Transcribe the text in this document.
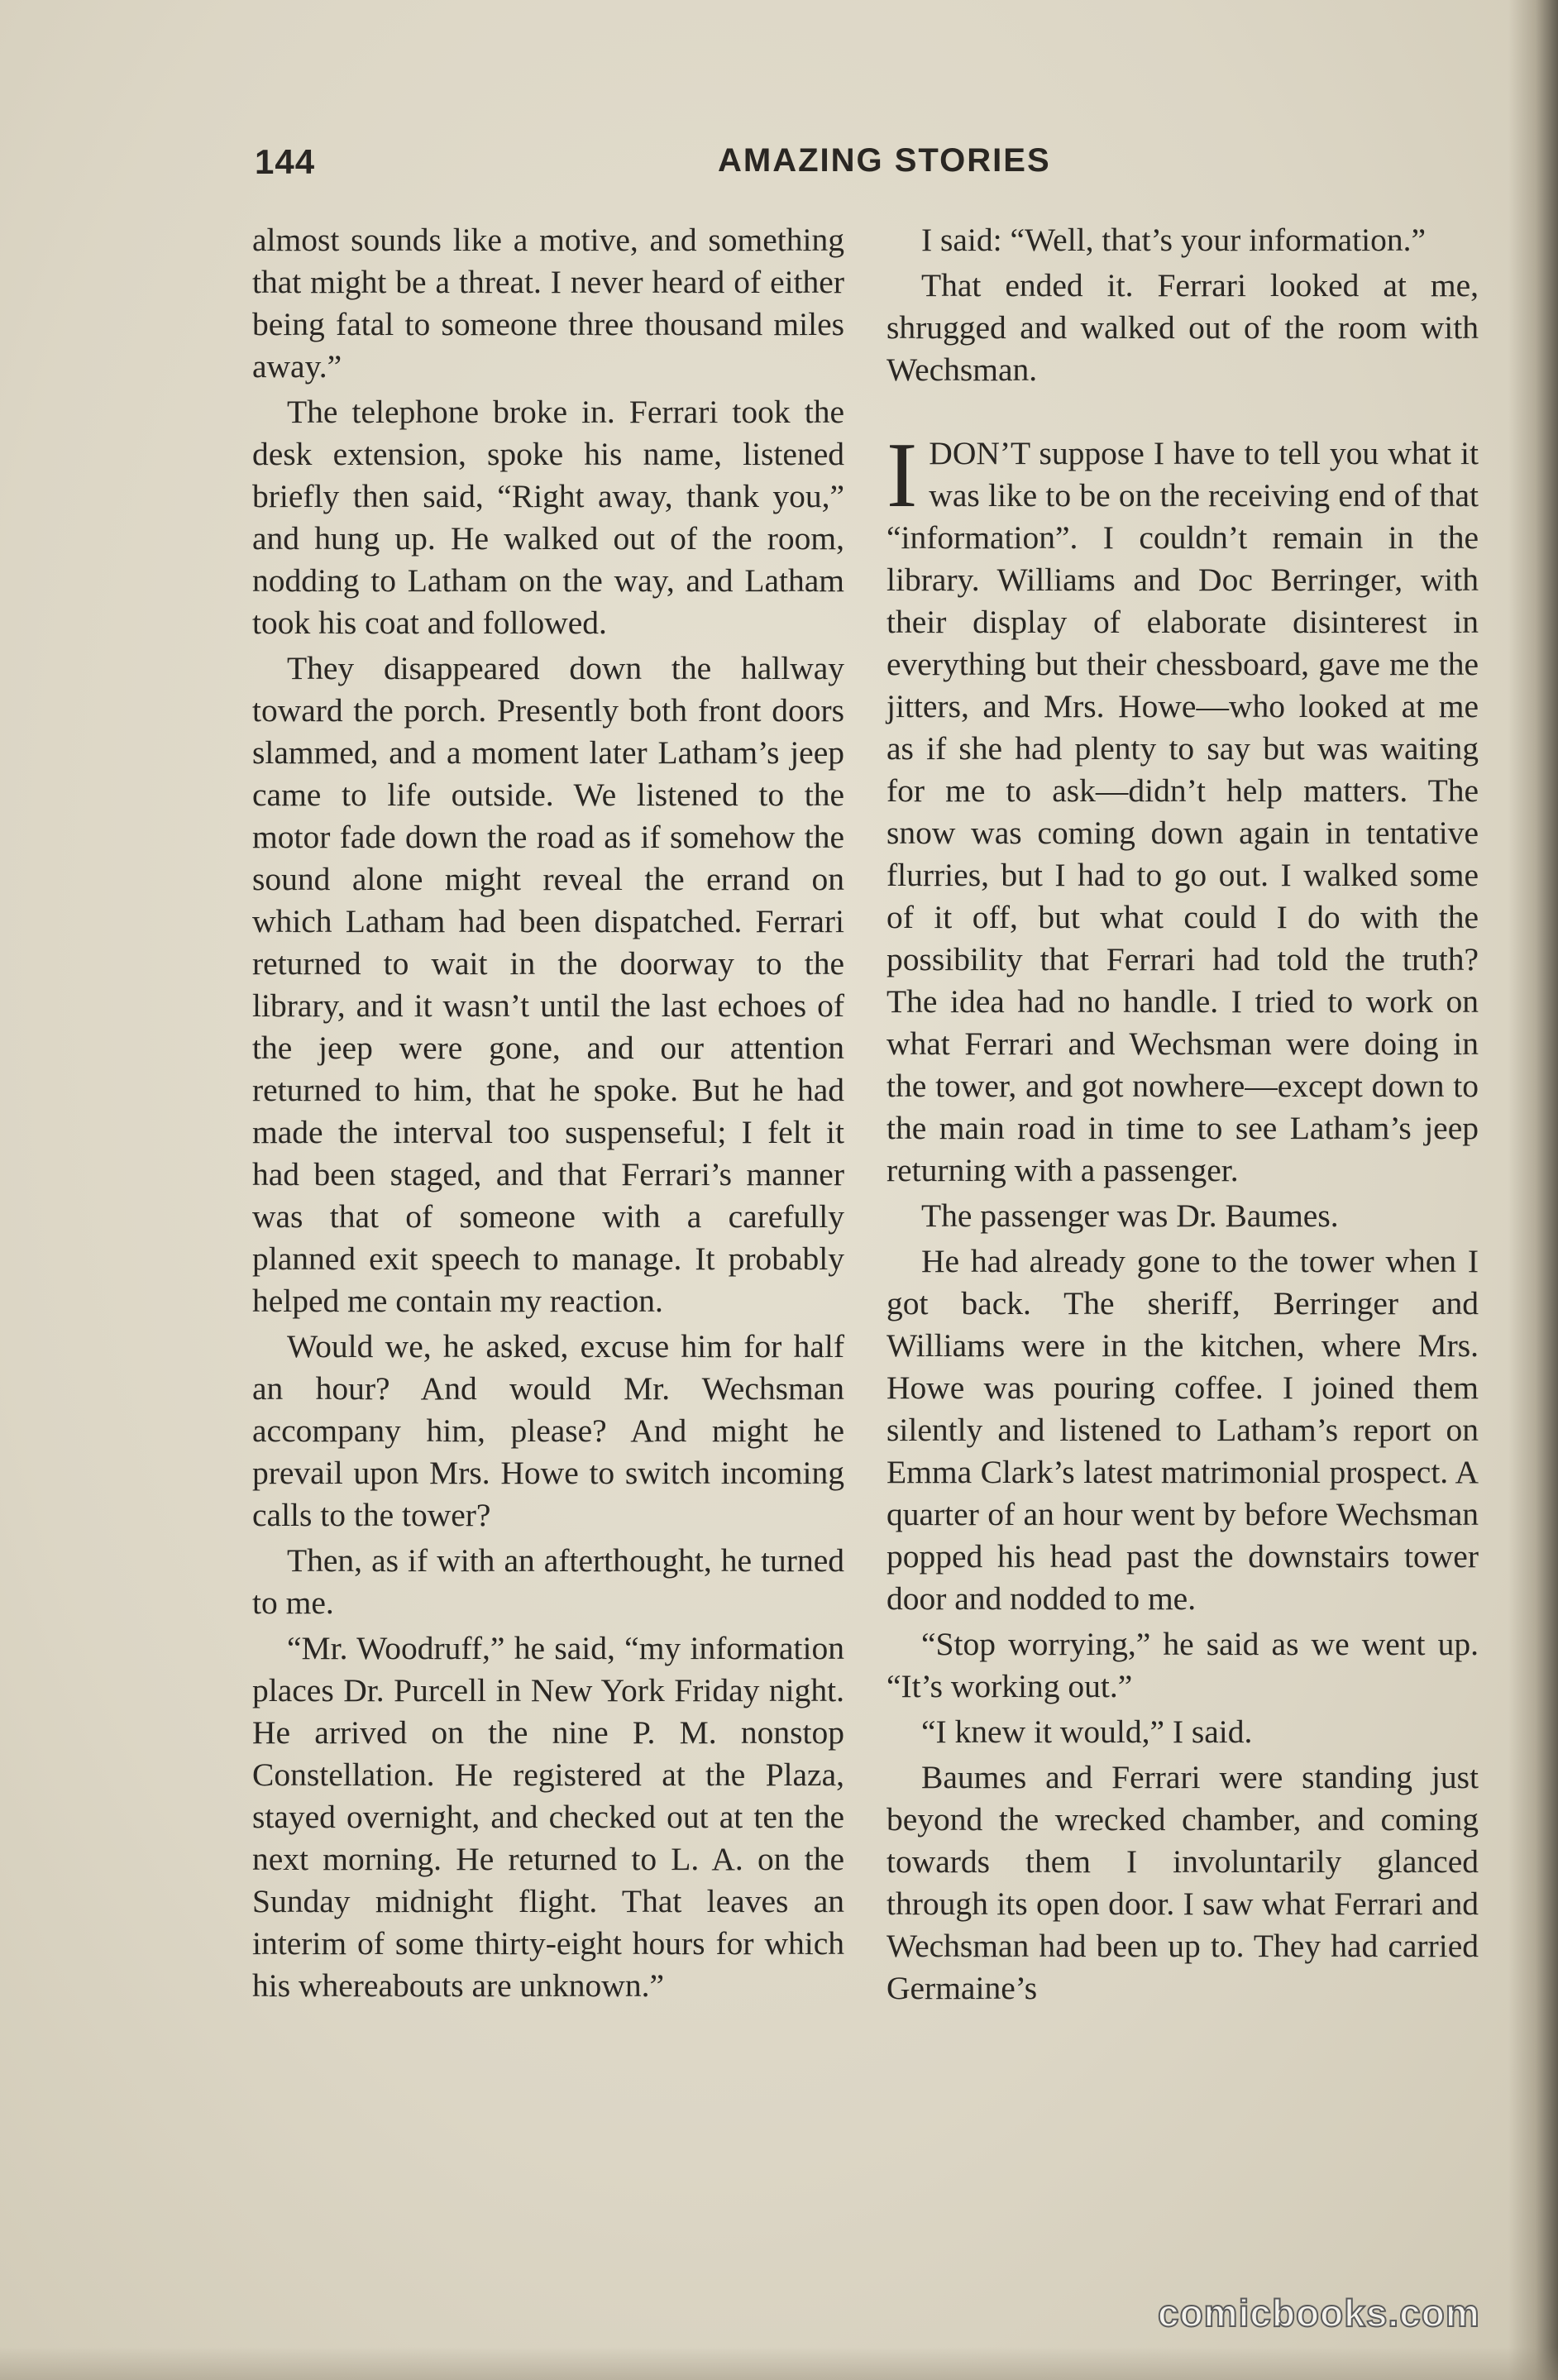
144	AMAZING STORIES

almost sounds like a motive, and something that might be a threat. I never heard of either being fatal to someone three thousand miles away.”

The telephone broke in. Ferrari took the desk extension, spoke his name, listened briefly then said, “Right away, thank you,” and hung up. He walked out of the room, nodding to Latham on the way, and Latham took his coat and followed.

They disappeared down the hallway toward the porch. Presently both front doors slammed, and a moment later Latham’s jeep came to life outside. We listened to the motor fade down the road as if somehow the sound alone might reveal the errand on which Latham had been dispatched. Ferrari returned to wait in the doorway to the library, and it wasn’t until the last echoes of the jeep were gone, and our attention returned to him, that he spoke. But he had made the interval too suspenseful; I felt it had been staged, and that Ferrari’s manner was that of someone with a carefully planned exit speech to manage. It probably helped me contain my reaction.

Would we, he asked, excuse him for half an hour? And would Mr. Wechsman accompany him, please? And might he prevail upon Mrs. Howe to switch incoming calls to the tower?

Then, as if with an afterthought, he turned to me.

“Mr. Woodruff,” he said, “my information places Dr. Purcell in New York Friday night. He arrived on the nine P. M. nonstop Constellation. He registered at the Plaza, stayed overnight, and checked out at ten the next morning. He returned to L. A. on the Sunday midnight flight. That leaves an interim of some thirty-eight hours for which his whereabouts are unknown.”

I said: “Well, that’s your information.”

That ended it. Ferrari looked at me, shrugged and walked out of the room with Wechsman.

IDON’T suppose I have to tell you what it was like to be on the receiving end of that “information”. I couldn’t remain in the library. Williams and Doc Berringer, with their display of elaborate disinterest in everything but their chessboard, gave me the jitters, and Mrs. Howe—who looked at me as if she had plenty to say but was waiting for me to ask—didn’t help matters. The snow was coming down again in tentative flurries, but I had to go out. I walked some of it off, but what could I do with the possibility that Ferrari had told the truth? The idea had no handle. I tried to work on what Ferrari and Wechsman were doing in the tower, and got nowhere—except down to the main road in time to see Latham’s jeep returning with a passenger.

The passenger was Dr. Baumes.

He had already gone to the tower when I got back. The sheriff, Berringer and Williams were in the kitchen, where Mrs. Howe was pouring coffee. I joined them silently and listened to Latham’s report on Emma Clark’s latest matrimonial prospect. A quarter of an hour went by before Wechsman popped his head past the downstairs tower door and nodded to me.

“Stop worrying,” he said as we went up. “It’s working out.”

“I knew it would,” I said.

Baumes and Ferrari were standing just beyond the wrecked chamber, and coming towards them I involuntarily glanced through its open door. I saw what Ferrari and Wechsman had been up to. They had carried Germaine’s

comicbooks.com
